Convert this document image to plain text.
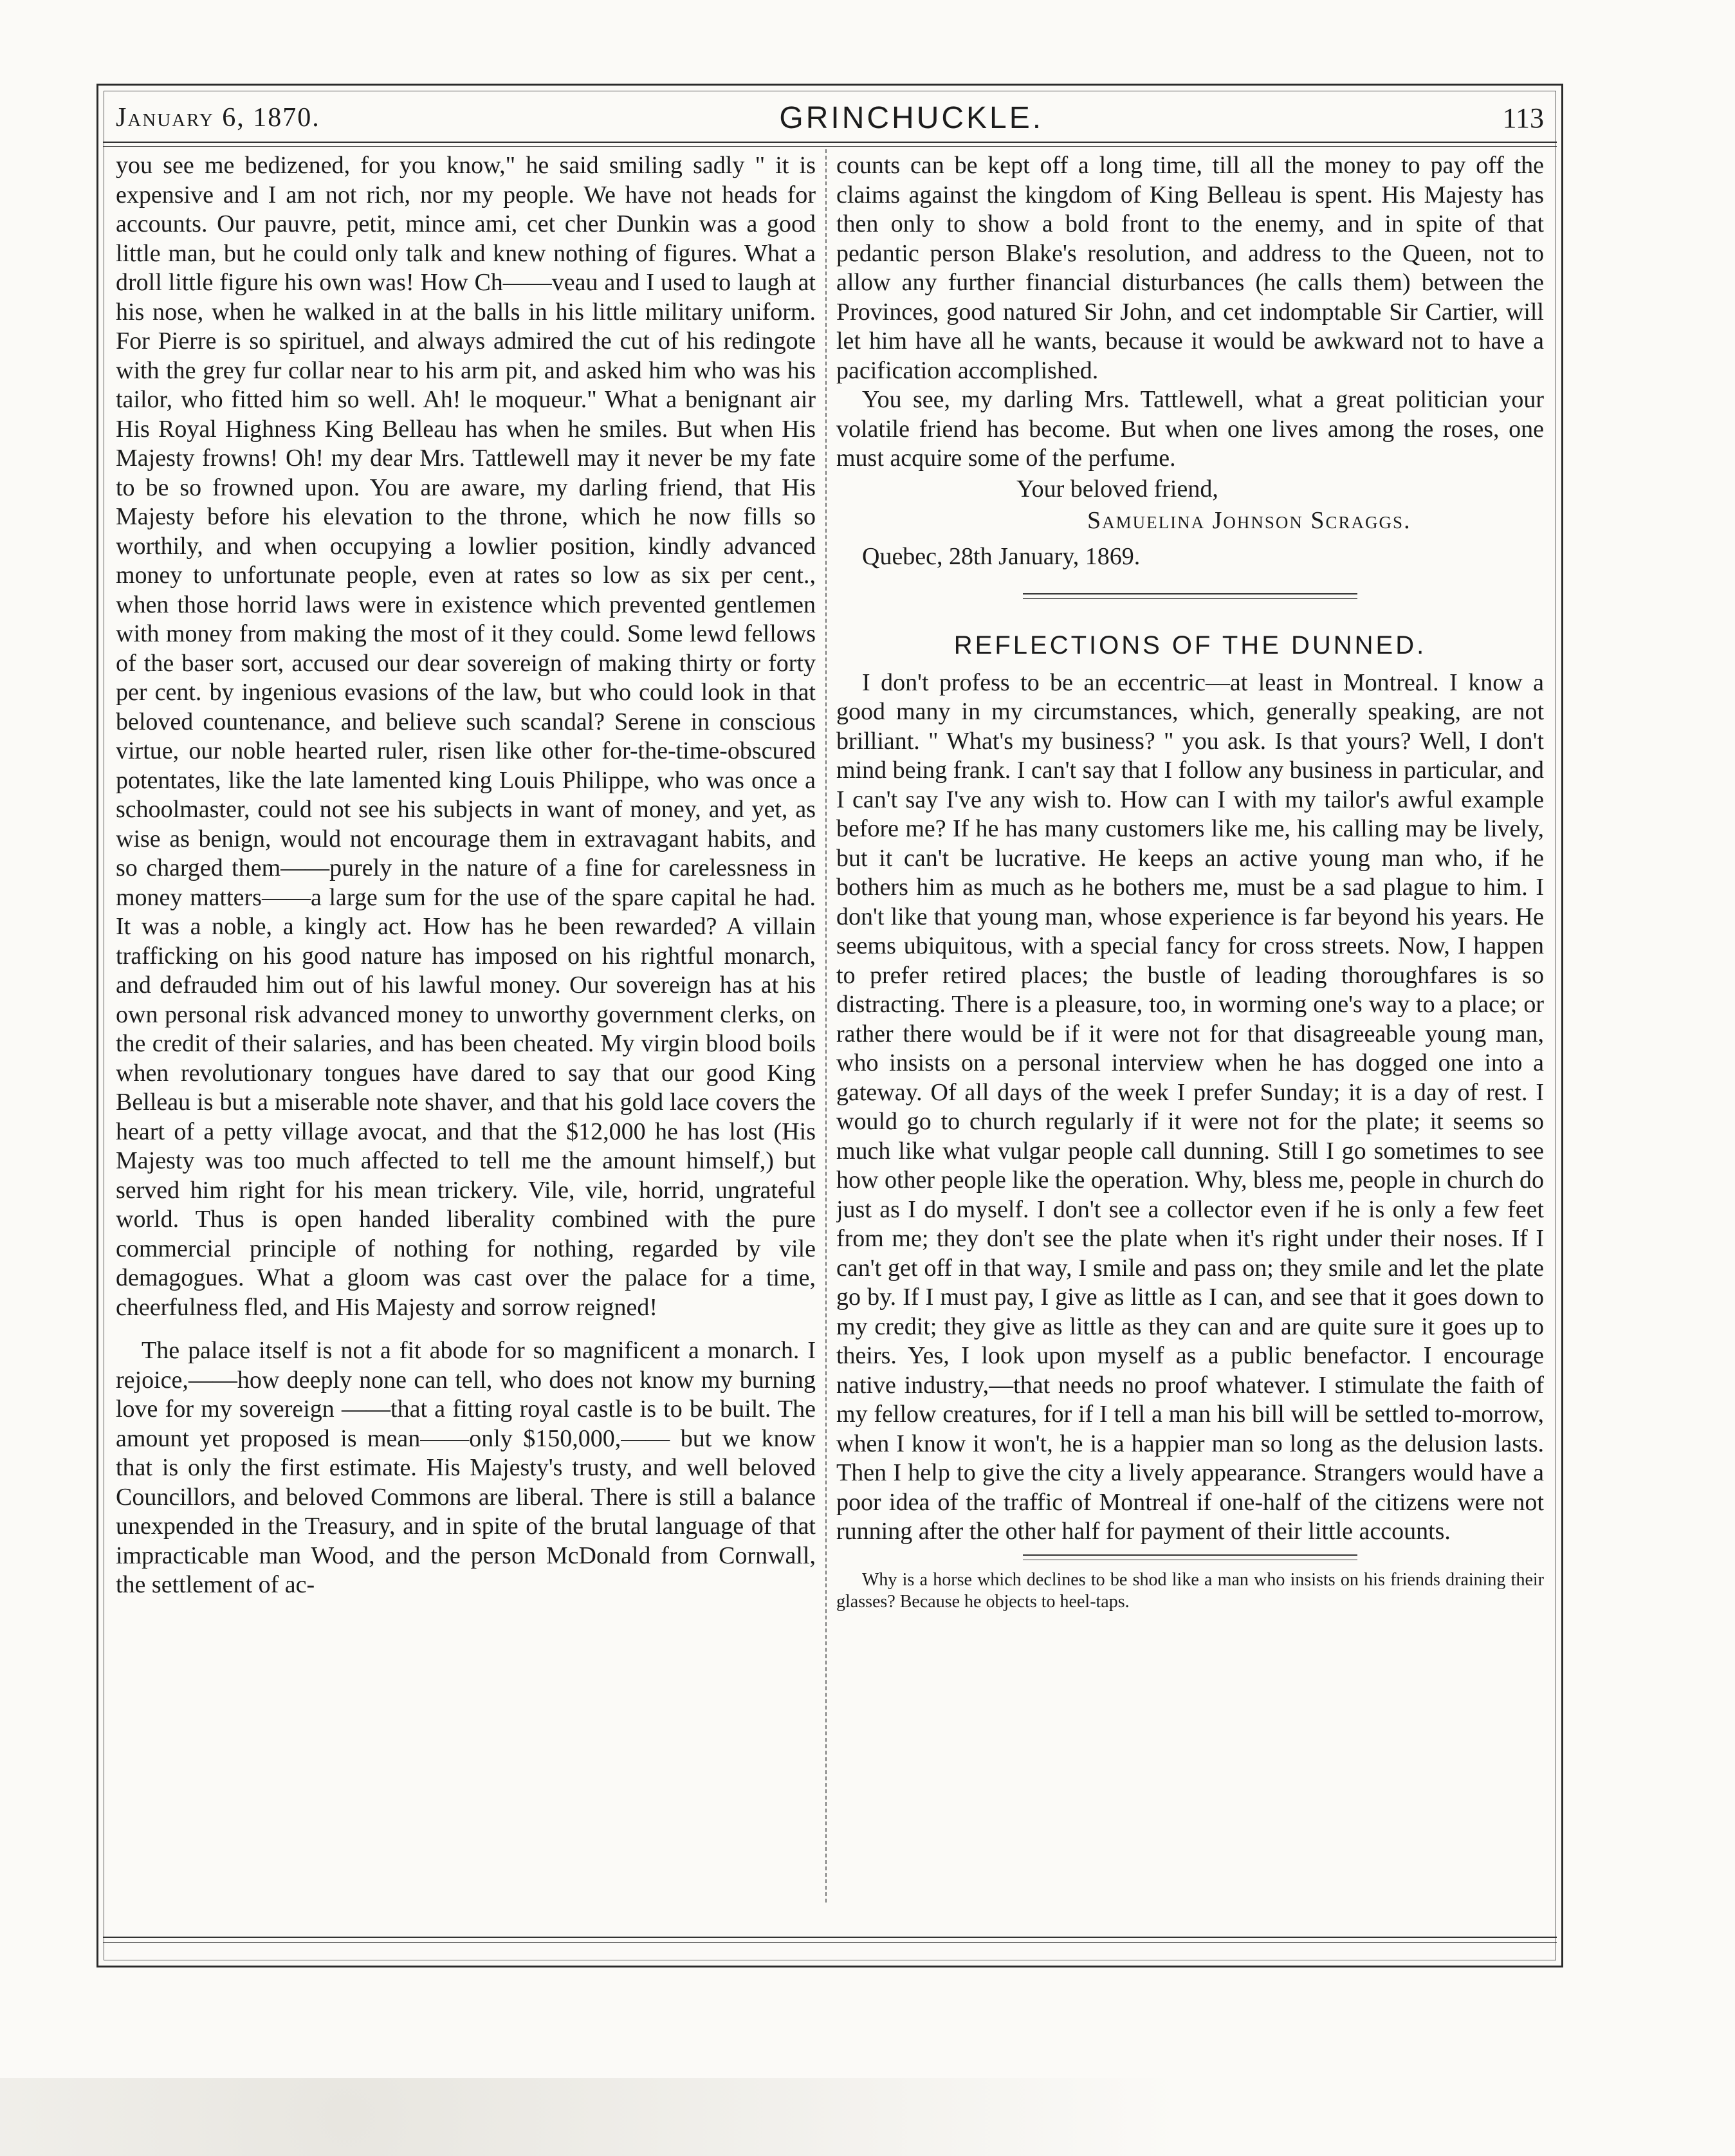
January 6, 1870.	GRINCHUCKLE.	113

you see me bedizened, for you know," he said smiling sadly " it is expensive and I am not rich, nor my people. We have not heads for accounts. Our pauvre, petit, mince ami, cet cher Dunkin was a good little man, but he could only talk and knew nothing of figures. What a droll little figure his own was! How Ch——veau and I used to laugh at his nose, when he walked in at the balls in his little military uniform. For Pierre is so spirituel, and always admired the cut of his redingote with the grey fur collar near to his arm pit, and asked him who was his tailor, who fitted him so well. Ah! le moqueur." What a benignant air His Royal Highness King Belleau has when he smiles. But when His Majesty frowns! Oh! my dear Mrs. Tattlewell may it never be my fate to be so frowned upon. You are aware, my darling friend, that His Majesty before his elevation to the throne, which he now fills so worthily, and when occupying a lowlier position, kindly advanced money to unfortunate people, even at rates so low as six per cent., when those horrid laws were in existence which prevented gentlemen with money from making the most of it they could. Some lewd fellows of the baser sort, accused our dear sovereign of making thirty or forty per cent. by ingenious evasions of the law, but who could look in that beloved countenance, and believe such scandal? Serene in conscious virtue, our noble hearted ruler, risen like other for-the-time-obscured potentates, like the late lamented king Louis Philippe, who was once a schoolmaster, could not see his subjects in want of money, and yet, as wise as benign, would not encourage them in extravagant habits, and so charged them——purely in the nature of a fine for carelessness in money matters——a large sum for the use of the spare capital he had. It was a noble, a kingly act. How has he been rewarded? A villain trafficking on his good nature has imposed on his rightful monarch, and defrauded him out of his lawful money. Our sovereign has at his own personal risk advanced money to unworthy government clerks, on the credit of their salaries, and has been cheated. My virgin blood boils when revolutionary tongues have dared to say that our good King Belleau is but a miserable note shaver, and that his gold lace covers the heart of a petty village avocat, and that the $12,000 he has lost (His Majesty was too much affected to tell me the amount himself,) but served him right for his mean trickery. Vile, vile, horrid, ungrateful world. Thus is open handed liberality combined with the pure commercial principle of nothing for nothing, regarded by vile demagogues. What a gloom was cast over the palace for a time, cheerfulness fled, and His Majesty and sorrow reigned!

The palace itself is not a fit abode for so magnificent a monarch. I rejoice,——how deeply none can tell, who does not know my burning love for my sovereign ——that a fitting royal castle is to be built. The amount yet proposed is mean——only $150,000,—— but we know that is only the first estimate. His Majesty's trusty, and well beloved Councillors, and beloved Commons are liberal. There is still a balance unexpended in the Treasury, and in spite of the brutal language of that impracticable man Wood, and the person McDonald from Cornwall, the settlement of ac-

counts can be kept off a long time, till all the money to pay off the claims against the kingdom of King Belleau is spent. His Majesty has then only to show a bold front to the enemy, and in spite of that pedantic person Blake's resolution, and address to the Queen, not to allow any further financial disturbances (he calls them) between the Provinces, good natured Sir John, and cet indomptable Sir Cartier, will let him have all he wants, because it would be awkward not to have a pacification accomplished.

You see, my darling Mrs. Tattlewell, what a great politician your volatile friend has become. But when one lives among the roses, one must acquire some of the perfume.

Your beloved friend,

Samuelina Johnson Scraggs.

Quebec, 28th January, 1869.

REFLECTIONS OF THE DUNNED.

I don't profess to be an eccentric—at least in Montreal. I know a good many in my circumstances, which, generally speaking, are not brilliant. " What's my business? " you ask. Is that yours? Well, I don't mind being frank. I can't say that I follow any business in particular, and I can't say I've any wish to. How can I with my tailor's awful example before me? If he has many customers like me, his calling may be lively, but it can't be lucrative. He keeps an active young man who, if he bothers him as much as he bothers me, must be a sad plague to him. I don't like that young man, whose experience is far beyond his years. He seems ubiquitous, with a special fancy for cross streets. Now, I happen to prefer retired places; the bustle of leading thoroughfares is so distracting. There is a pleasure, too, in worming one's way to a place; or rather there would be if it were not for that disagreeable young man, who insists on a personal interview when he has dogged one into a gateway. Of all days of the week I prefer Sunday; it is a day of rest. I would go to church regularly if it were not for the plate; it seems so much like what vulgar people call dunning. Still I go sometimes to see how other people like the operation. Why, bless me, people in church do just as I do myself. I don't see a collector even if he is only a few feet from me; they don't see the plate when it's right under their noses. If I can't get off in that way, I smile and pass on; they smile and let the plate go by. If I must pay, I give as little as I can, and see that it goes down to my credit; they give as little as they can and are quite sure it goes up to theirs. Yes, I look upon myself as a public benefactor. I encourage native industry,—that needs no proof whatever. I stimulate the faith of my fellow creatures, for if I tell a man his bill will be settled to-morrow, when I know it won't, he is a happier man so long as the delusion lasts. Then I help to give the city a lively appearance. Strangers would have a poor idea of the traffic of Montreal if one-half of the citizens were not running after the other half for payment of their little accounts.

Why is a horse which declines to be shod like a man who insists on his friends draining their glasses? Because he objects to heel-taps.
